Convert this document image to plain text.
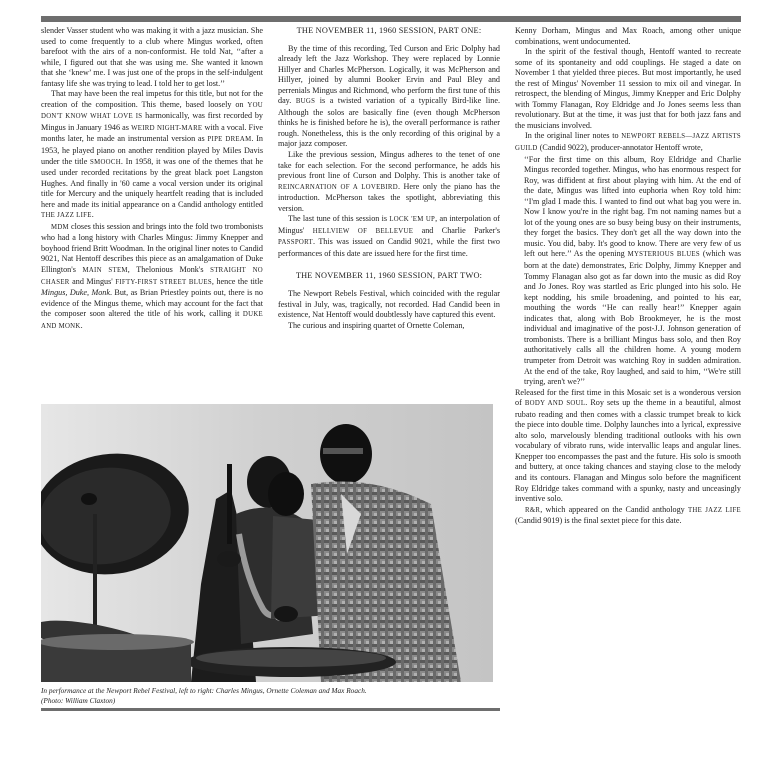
slender Vasser student who was making it with a jazz musician. She used to come frequently to a club where Mingus worked, often barefoot with the airs of a non-conformist. He told Nat, ‘‘after a while, I figured out that she was using me. She wanted it known that she ‘knew’ me. I was just one of the props in the self-indulgent fantasy life she was trying to lead. I told her to get lost.’’

That may have been the real impetus for this title, but not for the creation of the composition. This theme, based loosely on YOU DON'T KNOW WHAT LOVE IS harmonically, was first recorded by Mingus in January 1946 as WEIRD NIGHT-MARE with a vocal. Five months later, he made an instrumental version as PIPE DREAM. In 1953, he played piano on another rendition played by Miles Davis under the title SMOOCH. In 1958, it was one of the themes that he used under recorded recitations by the great black poet Langston Hughes. And finally in '60 came a vocal version under its original title for Mercury and the uniquely heartfelt reading that is included here and made its initial appearance on a Candid anthology entitled THE JAZZ LIFE.

MDM closes this session and brings into the fold two trombonists who had a long history with Charles Mingus: Jimmy Knepper and boyhood friend Britt Woodman. In the original liner notes to Candid 9021, Nat Hentoff describes this piece as an amalgamation of Duke Ellington's MAIN STEM, Thelonious Monk's STRAIGHT NO CHASER and Mingus' FIFTY-FIRST STREET BLUES, hence the title Mingus, Duke, Monk. But, as Brian Priestley points out, there is no evidence of the Mingus theme, which may account for the fact that the composer soon altered the title of his work, calling it DUKE AND MONK.

THE NOVEMBER 11, 1960 SESSION, PART ONE:

By the time of this recording, Ted Curson and Eric Dolphy had already left the Jazz Workshop. They were replaced by Lonnie Hillyer and Charles McPherson. Logically, it was McPherson and Hillyer, joined by alumni Booker Ervin and Paul Bley and perrenials Mingus and Richmond, who perform the first tune of this day. BUGS is a twisted variation of a typically Bird-like line. Although the solos are basically fine (even though McPherson thinks he is finished before he is), the overall performance is rather rough. Nonetheless, this is the only recording of this original by a major jazz composer.

Like the previous session, Mingus adheres to the tenet of one take for each selection. For the second performance, he adds his previous front line of Curson and Dolphy. This is another take of REINCARNATION OF A LOVEBIRD. Here only the piano has the introduction. McPherson takes the spotlight, abbreviating this version.

The last tune of this session is LOCK 'EM UP, an interpolation of Mingus' HELLVIEW OF BELLEVUE and Charlie Parker's PASSPORT. This was issued on Candid 9021, while the first two performances of this date are issued here for the first time.

THE NOVEMBER 11, 1960 SESSION, PART TWO:

The Newport Rebels Festival, which coincided with the regular festival in July, was, tragically, not recorded. Had Candid been in existence, Nat Hentoff would doubtlessly have captured this event.

The curious and inspiring quartet of Ornette Coleman,

Kenny Dorham, Mingus and Max Roach, among other unique combinations, went undocumented.

In the spirit of the festival though, Hentoff wanted to recreate some of its spontaneity and odd couplings. He staged a date on November 1 that yielded three pieces. But most importantly, he used the rest of Mingus' November 11 session to mix oil and vinegar. In retrospect, the blending of Mingus, Jimmy Knepper and Eric Dolphy with Tommy Flanagan, Roy Eldridge and Jo Jones seems less than revolutionary. But at the time, it was just that for both jazz fans and the musicians involved.

In the original liner notes to NEWPORT REBELS—JAZZ ARTISTS GUILD (Candid 9022), producer-annotator Hentoff wrote,

‘‘For the first time on this album, Roy Eldridge and Charlie Mingus recorded together. Mingus, who has enormous respect for Roy, was diffident at first about playing with him. At the end of the date, Mingus was lifted into euphoria when Roy told him: ‘‘I'm glad I made this. I wanted to find out what bag you were in. Now I know you're in the right bag. I'm not naming names but a lot of the young ones are so busy being busy on their instruments, they forget the basics. They don't get all the way down into the music. You did, baby. It's good to know. There are very few of us left out here.’’ As the opening MYSTERIOUS BLUES (which was born at the date) demonstrates, Eric Dolphy, Jimmy Knepper and Tommy Flanagan also got as far down into the music as did Roy and Jo Jones. Roy was startled as Eric plunged into his solo. He kept nodding, his smile broadening, and pointed to his ear, mouthing the words ‘‘He can really hear!’’ Knepper again indicates that, along with Bob Brookmeyer, he is the most individual and imaginative of the post-J.J. Johnson generation of trombonists. There is a brilliant Mingus bass solo, and then Roy authoritatively calls all the children home. A young modern trumpeter from Detroit was watching Roy in sudden admiration. At the end of the take, Roy laughed, and said to him, ‘‘We're still trying, aren't we?’’

Released for the first time in this Mosaic set is a wonderous version of BODY AND SOUL. Roy sets up the theme in a beautiful, almost rubato reading and then comes with a classic trumpet break to kick the piece into double time. Dolphy launches into a lyrical, expressive alto solo, marvelously blending traditional outlooks with his own vocabulary of vibrato runs, wide intervallic leaps and angular lines. Knepper too encompasses the past and the future. His solo is smooth and buttery, at once taking chances and staying close to the melody and its contours. Flanagan and Mingus solo before the magnificent Roy Eldridge takes command with a spunky, nasty and unceasingly inventive solo.

R&R, which appeared on the Candid anthology THE JAZZ LIFE (Candid 9019) is the final sextet piece for this date.

In performance at the Newport Rebel Festival, left to right: Charles Mingus, Ornette Coleman and Max Roach.
(Photo: William Claxton)
